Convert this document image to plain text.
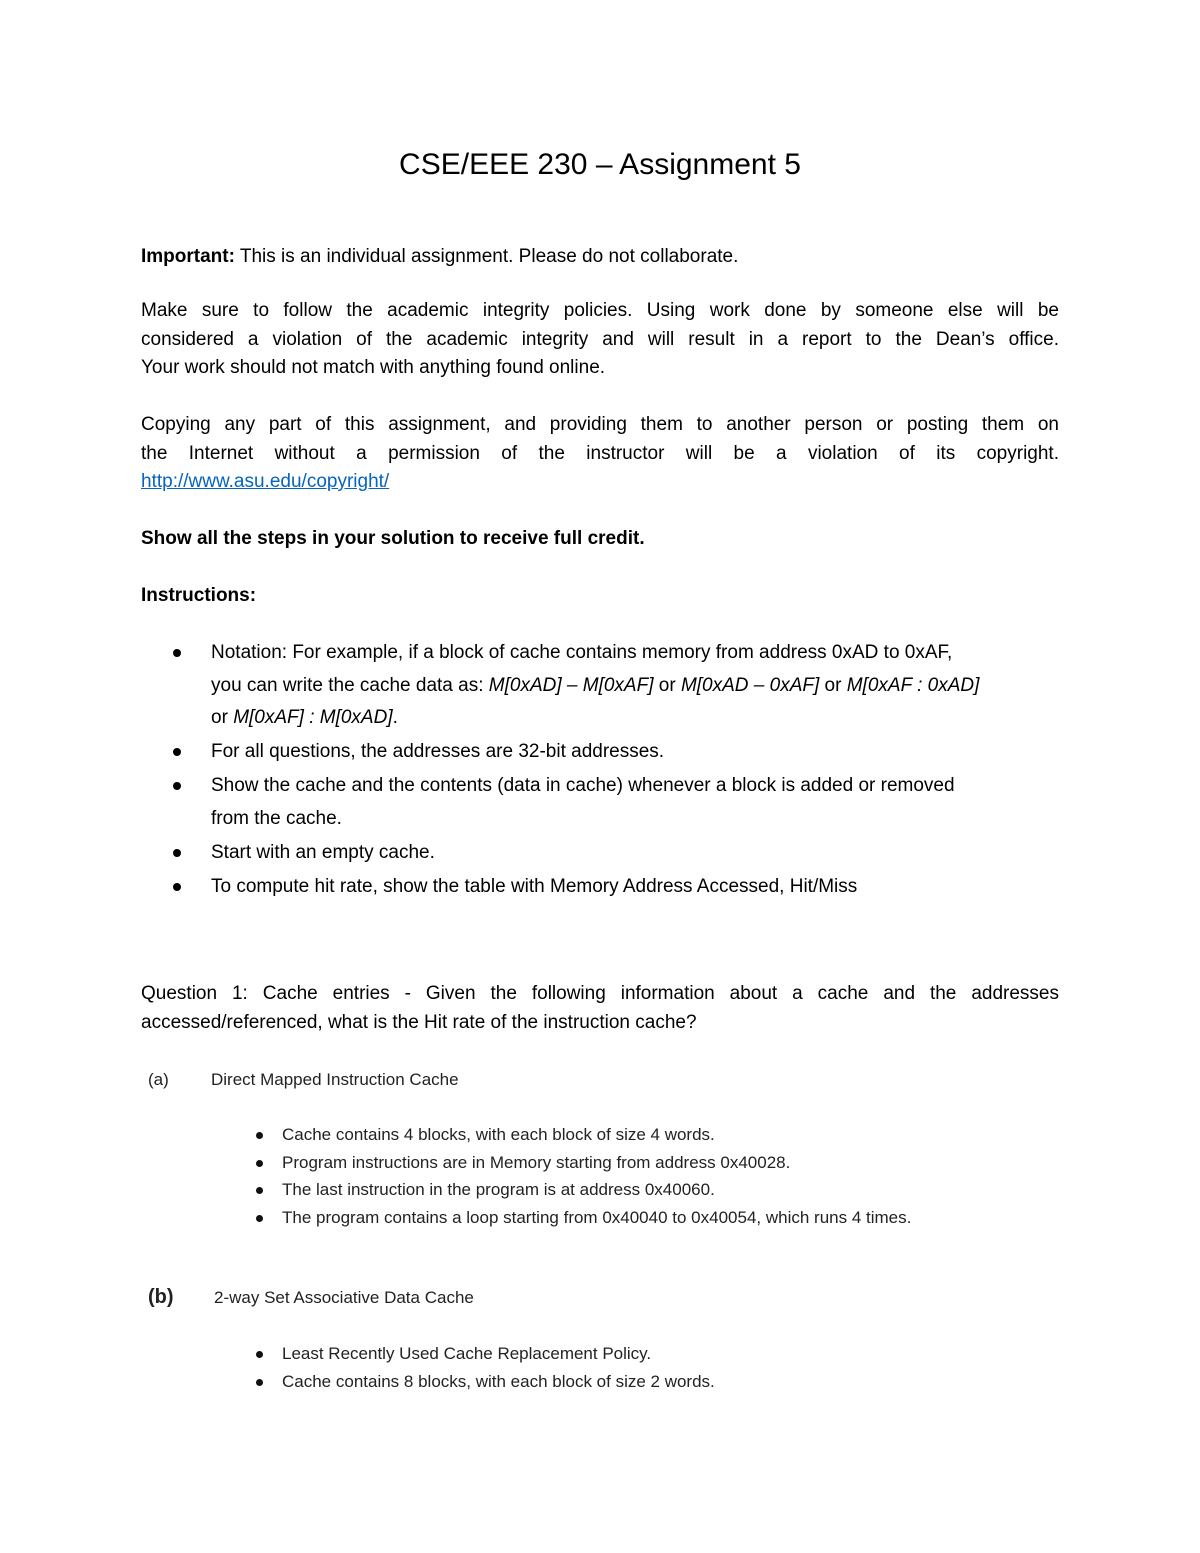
CSE/EEE 230 – Assignment 5

Important: This is an individual assignment. Please do not collaborate.

Make sure to follow the academic integrity policies. Using work done by someone else will be
considered a violation of the academic integrity and will result in a report to the Dean’s office.
Your work should not match with anything found online.

Copying any part of this assignment, and providing them to another person or posting them on
the Internet without a permission of the instructor will be a violation of its copyright.
http://www.asu.edu/copyright/

Show all the steps in your solution to receive full credit.

Instructions:

Notation: For example, if a block of cache contains memory from address 0xAD to 0xAF,
you can write the cache data as: M[0xAD] – M[0xAF] or M[0xAD – 0xAF] or M[0xAF : 0xAD]
or M[0xAF] : M[0xAD].
For all questions, the addresses are 32-bit addresses.
Show the cache and the contents (data in cache) whenever a block is added or removed
from the cache.
Start with an empty cache.
To compute hit rate, show the table with Memory Address Accessed, Hit/Miss

Question 1: Cache entries - Given the following information about a cache and the addresses
accessed/referenced, what is the Hit rate of the instruction cache?

(a) Direct Mapped Instruction Cache
Cache contains 4 blocks, with each block of size 4 words.
Program instructions are in Memory starting from address 0x40028.
The last instruction in the program is at address 0x40060.
The program contains a loop starting from 0x40040 to 0x40054, which runs 4 times.
(b) 2-way Set Associative Data Cache
Least Recently Used Cache Replacement Policy.
Cache contains 8 blocks, with each block of size 2 words.
